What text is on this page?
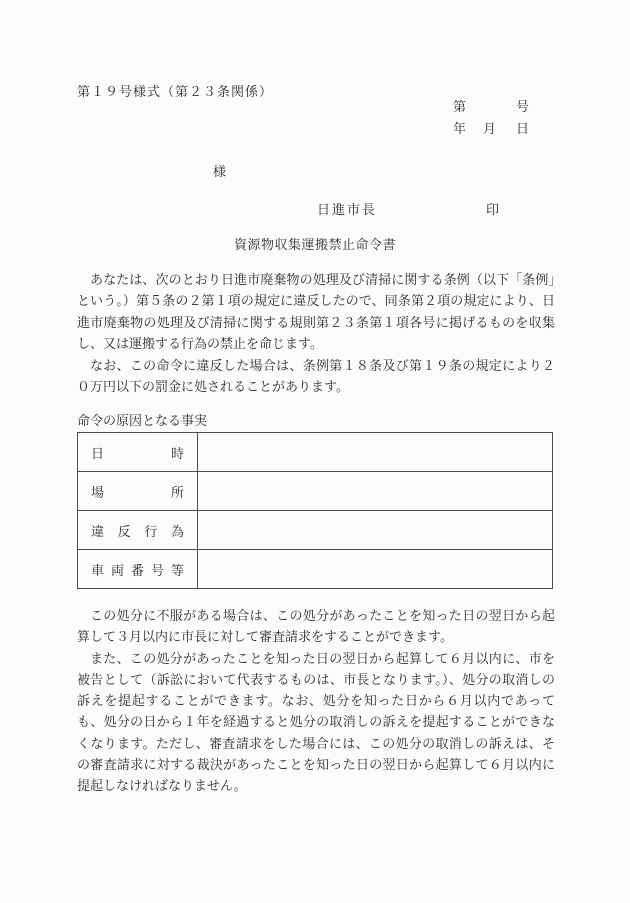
第１９号様式（第２３条関係）
第	号
年 月 日
様
日進市長	印
資源物収集運搬禁止命令書

あなたは、次のとおり日進市廃棄物の処理及び清掃に関する条例（以下「条例」という。）第５条の２第１項の規定に違反したので、同条第２項の規定により、日進市廃棄物の処理及び清掃に関する規則第２３条第１項各号に掲げるものを収集し、又は運搬する行為の禁止を命じます。

なお、この命令に違反した場合は、条例第１８条及び第１９条の規定により２０万円以下の罰金に処されることがあります。

命令の原因となる事実
日時	

場所	

違反行為	

車両番号等	

この処分に不服がある場合は、この処分があったことを知った日の翌日から起算して３月以内に市長に対して審査請求をすることができます。

また、この処分があったことを知った日の翌日から起算して６月以内に、市を被告として（訴訟において代表するものは、市長となります。）、処分の取消しの訴えを提起することができます。なお、処分を知った日から６月以内であっても、処分の日から１年を経過すると処分の取消しの訴えを提起することができなくなります。ただし、審査請求をした場合には、この処分の取消しの訴えは、その審査請求に対する裁決があったことを知った日の翌日から起算して６月以内に提起しなければなりません。
